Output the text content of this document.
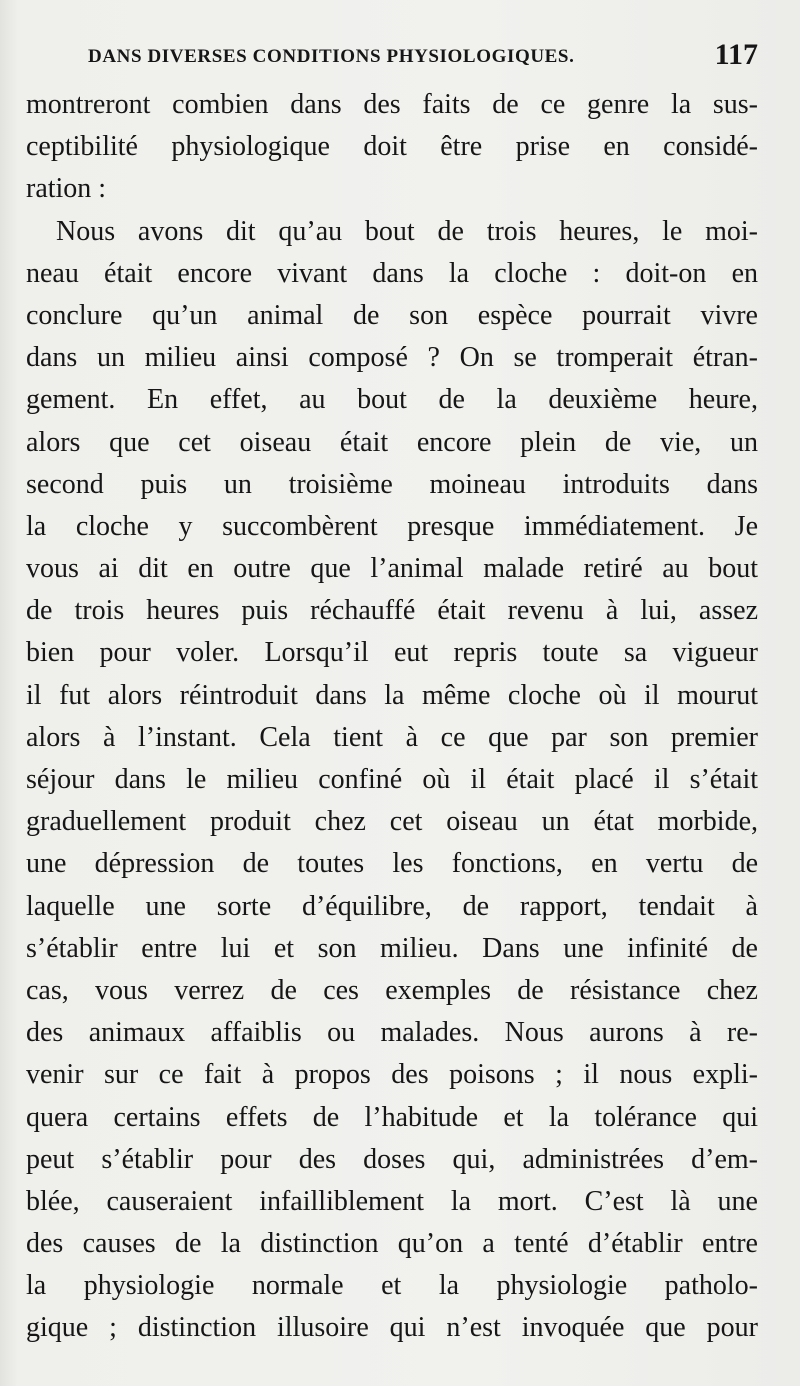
DANS DIVERSES CONDITIONS PHYSIOLOGIQUES.	117
montreront combien dans des faits de ce genre la sus-
ceptibilité physiologique doit être prise en considé-
ration :
Nous avons dit qu’au bout de trois heures, le moi-
neau était encore vivant dans la cloche : doit-on en
conclure qu’un animal de son espèce pourrait vivre
dans un milieu ainsi composé ? On se tromperait étran-
gement. En effet, au bout de la deuxième heure,
alors que cet oiseau était encore plein de vie, un
second puis un troisième moineau introduits dans
la cloche y succombèrent presque immédiatement. Je
vous ai dit en outre que l’animal malade retiré au bout
de trois heures puis réchauffé était revenu à lui, assez
bien pour voler. Lorsqu’il eut repris toute sa vigueur
il fut alors réintroduit dans la même cloche où il mourut
alors à l’instant. Cela tient à ce que par son premier
séjour dans le milieu confiné où il était placé il s’était
graduellement produit chez cet oiseau un état morbide,
une dépression de toutes les fonctions, en vertu de
laquelle une sorte d’équilibre, de rapport, tendait à
s’établir entre lui et son milieu. Dans une infinité de
cas, vous verrez de ces exemples de résistance chez
des animaux affaiblis ou malades. Nous aurons à re-
venir sur ce fait à propos des poisons ; il nous expli-
quera certains effets de l’habitude et la tolérance qui
peut s’établir pour des doses qui, administrées d’em-
blée, causeraient infailliblement la mort. C’est là une
des causes de la distinction qu’on a tenté d’établir entre
la physiologie normale et la physiologie patholo-
gique ; distinction illusoire qui n’est invoquée que pour
